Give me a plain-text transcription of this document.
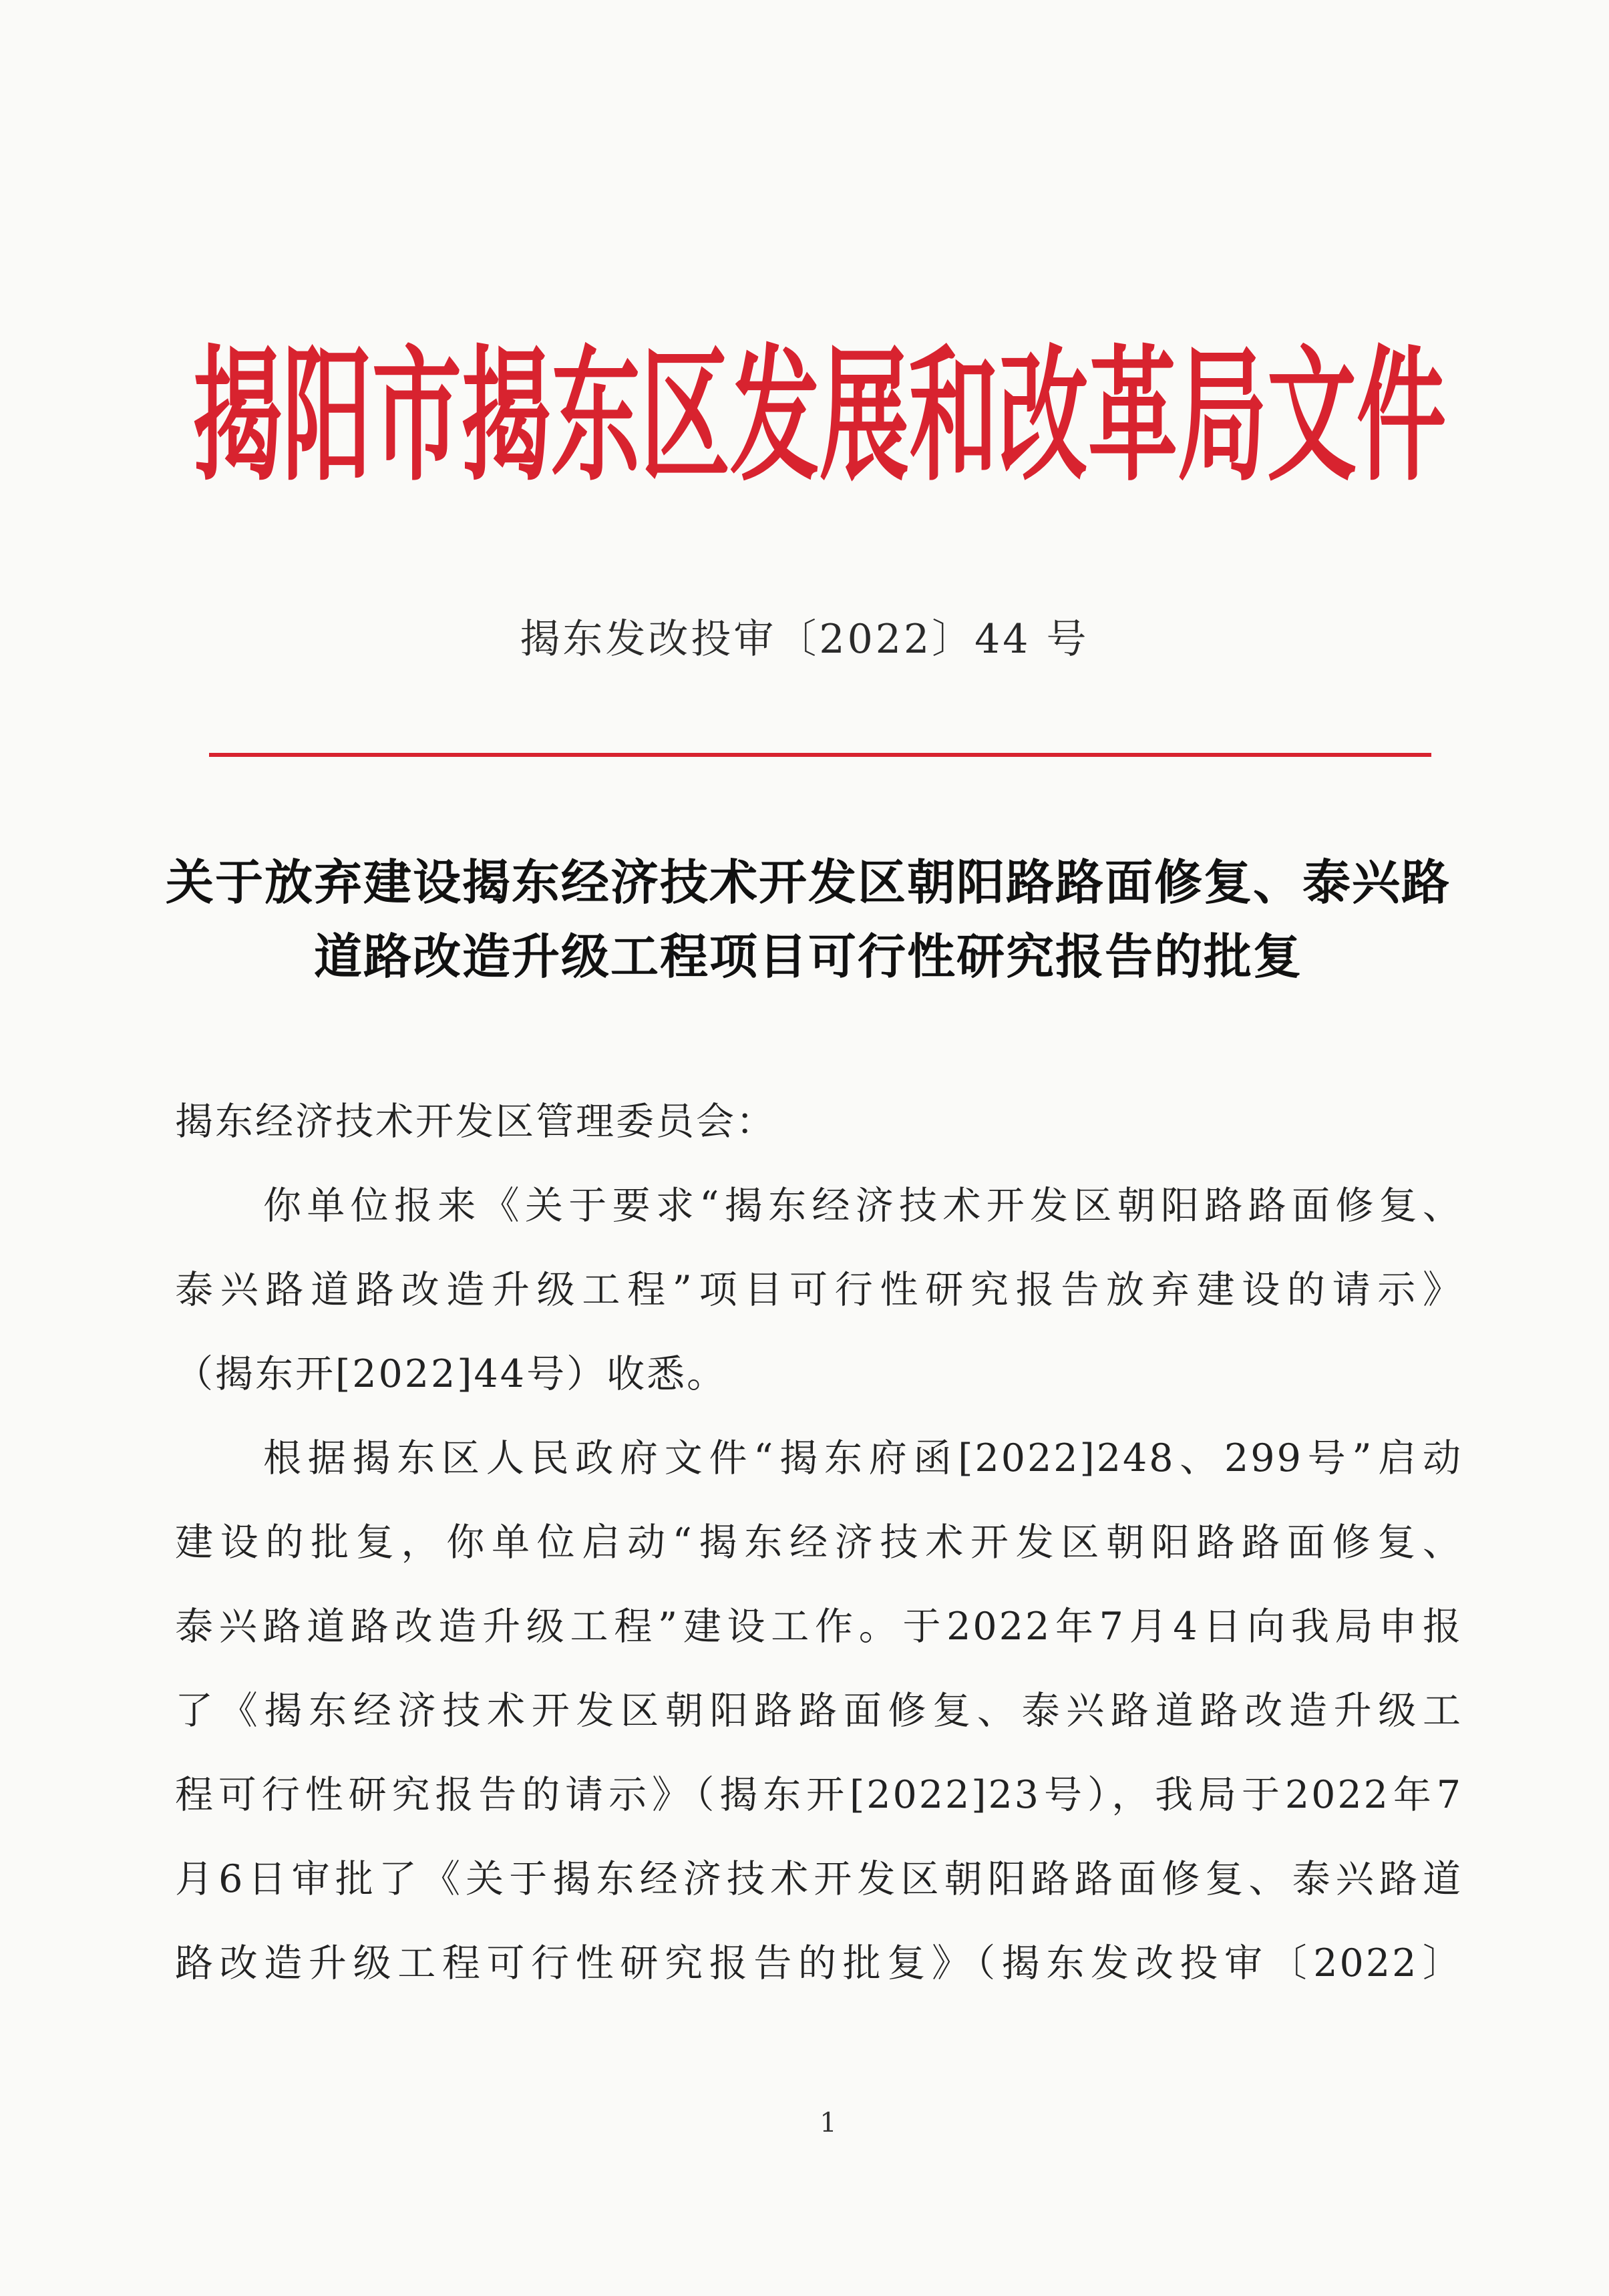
揭阳市揭东区发展和改革局文件
揭东发改投审〔2022〕44 号
关于放弃建设揭东经济技术开发区朝阳路路面修复、泰兴路
道路改造升级工程项目可行性研究报告的批复
揭东经济技术开发区管理委员会：
你单位报来《关于要求“揭东经济技术开发区朝阳路路面修复、
泰兴路道路改造升级工程”项目可行性研究报告放弃建设的请示》
（揭东开[2022]44号）收悉。
根据揭东区人民政府文件“揭东府函[2022]248、299号”启动
建设的批复，你单位启动“揭东经济技术开发区朝阳路路面修复、
泰兴路道路改造升级工程”建设工作。于2022年7月4日向我局申报
了《揭东经济技术开发区朝阳路路面修复、泰兴路道路改造升级工
程可行性研究报告的请示》（揭东开[2022]23号），我局于2022年7
月6日审批了《关于揭东经济技术开发区朝阳路路面修复、泰兴路道
路改造升级工程可行性研究报告的批复》（揭东发改投审〔2022〕
1
